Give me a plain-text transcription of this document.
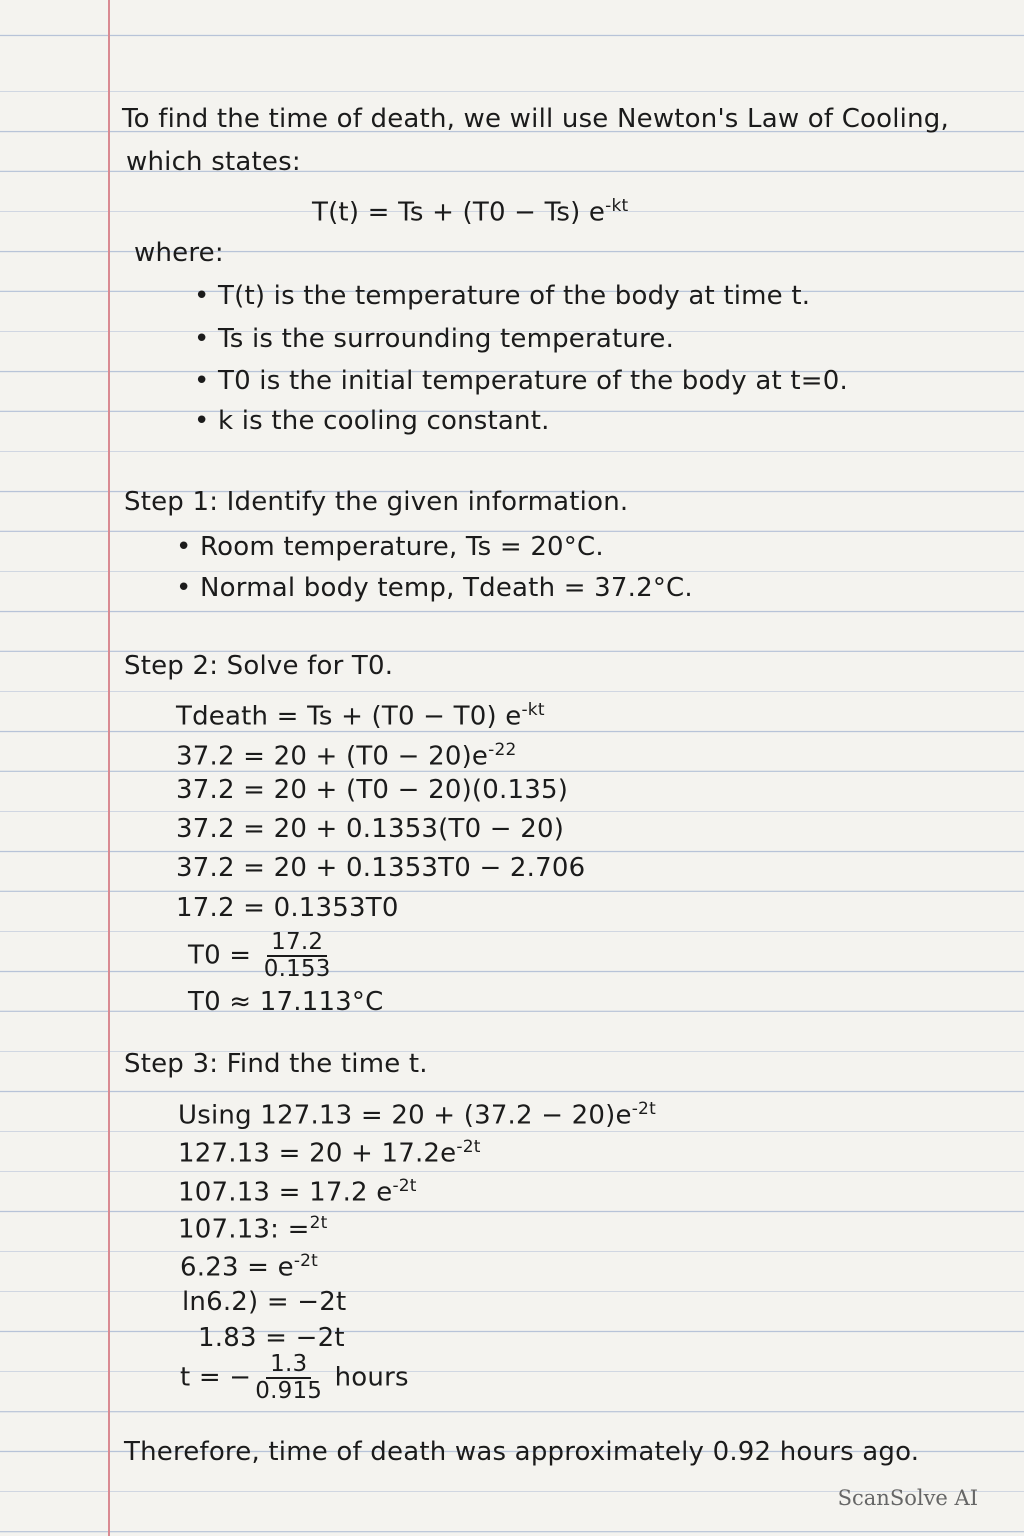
To find the time of death, we will use Newton's Law of Cooling,
which states:
T(t) = Ts + (T0 − Ts) $e^{-kt}$
where:
• T(t) is the temperature of the body at time t.
• Ts is the surrounding temperature.
• T0 is the initial temperature of the body at t=0.
• k is the cooling constant.
Step 1: Identify the given information.
• Room temperature, Ts = 20°C.
• Normal body temp, Tdeath = 37.2°C.
Step 2: Solve for T0.
Tdeath = Ts + (T0 − T0) $e^{-kt}$
$37.2 = 20 + (T0 - 20)e^{-22}$
37.2 = 20 + (T0 − 20)(0.135)
37.2 = 20 + 0.1353(T0 − 20)
37.2 = 20 + 0.1353T0 − 2.706
17.2 = 0.1353T0
$T0 = \frac{17.2}{0.153}$
T0 ≈ 17.113°C
Step 3: Find the time t.
Using $127.13 = 20 + (37.2 - 20)e^{-2t}$
$127.13 = 20 + 17.2e^{-2t}$
107.13 = 17.2 $e^{-2t}$
107.13: =$^{2t}$
$6.23 = e^{-2t}$
ln6.2) = −2t
1.83 = −2t
t = − $\frac{1.3}{0.915}$ hours
Therefore, time of death was approximately 0.92 hours ago.
ScanSolve AI
